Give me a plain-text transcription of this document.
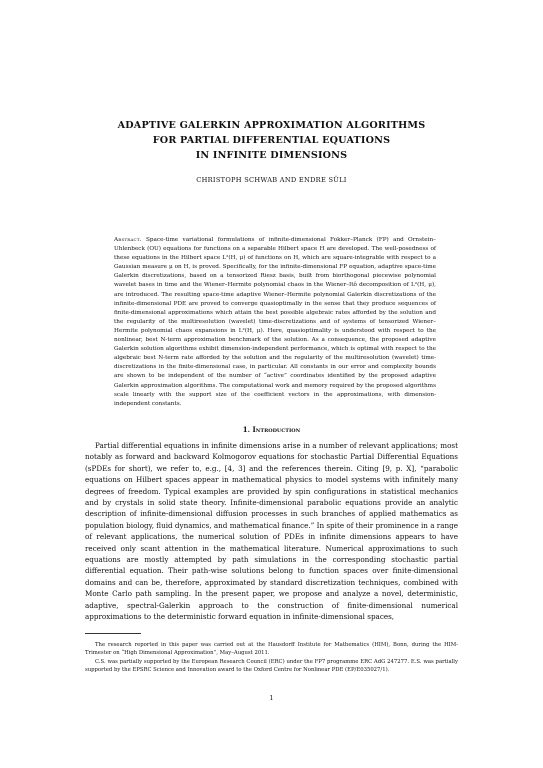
ADAPTIVE GALERKIN APPROXIMATION ALGORITHMS
FOR PARTIAL DIFFERENTIAL EQUATIONS
IN INFINITE DIMENSIONS

CHRISTOPH SCHWAB AND ENDRE SÜLI

Abstract. Space-time variational formulations of infinite-dimensional Fokker–Planck (FP) and Ornstein–Uhlenbeck (OU) equations for functions on a separable Hilbert space H are developed. The well-posedness of these equations in the Hilbert space L²(H, μ) of functions on H, which are square-integrable with respect to a Gaussian measure μ on H, is proved. Specifically, for the infinite-dimensional FP equation, adaptive space-time Galerkin discretizations, based on a tensorized Riesz basis, built from biorthogonal piecewise polynomial wavelet bases in time and the Wiener–Hermite polynomial chaos in the Wiener–Itô decomposition of L²(H, μ), are introduced. The resulting space-time adaptive Wiener–Hermite polynomial Galerkin discretizations of the infinite-dimensional PDE are proved to converge quasioptimally in the sense that they produce sequences of finite-dimensional approximations which attain the best possible algebraic rates afforded by the solution and the regularity of the multiresolution (wavelet) time-discretizations and of systems of tensorized Wiener–Hermite polynomial chaos expansions in L²(H, μ). Here, quasioptimality is understood with respect to the nonlinear, best N-term approximation benchmark of the solution. As a consequence, the proposed adaptive Galerkin solution algorithms exhibit dimension-independent performance, which is optimal with respect to the algebraic best N-term rate afforded by the solution and the regularity of the multiresolution (wavelet) time-discretizations in the finite-dimensional case, in particular. All constants in our error and complexity bounds are shown to be independent of the number of “active” coordinates identified by the proposed adaptive Galerkin approximation algorithms. The computational work and memory required by the proposed algorithms scale linearly with the support size of the coefficient vectors in the approximations, with dimension-independent constants.

1. Introduction

Partial differential equations in infinite dimensions arise in a number of relevant applications; most notably as forward and backward Kolmogorov equations for stochastic Partial Differential Equations (sPDEs for short), we refer to, e.g., [4, 3] and the references therein. Citing [9, p. X], “parabolic equations on Hilbert spaces appear in mathematical physics to model systems with infinitely many degrees of freedom. Typical examples are provided by spin configurations in statistical mechanics and by crystals in solid state theory. Infinite-dimensional parabolic equations provide an analytic description of infinite-dimensional diffusion processes in such branches of applied mathematics as population biology, fluid dynamics, and mathematical finance.” In spite of their prominence in a range of relevant applications, the numerical solution of PDEs in infinite dimensions appears to have received only scant attention in the mathematical literature. Numerical approximations to such equations are mostly attempted by path simulations in the corresponding stochastic partial differential equation. Their path-wise solutions belong to function spaces over finite-dimensional domains and can be, therefore, approximated by standard discretization techniques, combined with Monte Carlo path sampling. In the present paper, we propose and analyze a novel, deterministic, adaptive, spectral-Galerkin approach to the construction of finite-dimensional numerical approximations to the deterministic forward equation in infinite-dimensional spaces,

The research reported in this paper was carried out at the Hausdorff Institute for Mathematics (HIM), Bonn, during the HIM-Trimester on “High Dimensional Approximation”, May–August 2011.

C.S. was partially supported by the European Research Council (ERC) under the FP7 programme ERC AdG 247277. E.S. was partially supported by the EPSRC Science and Innovation award to the Oxford Centre for Nonlinear PDE (EP/E035027/1).

1
